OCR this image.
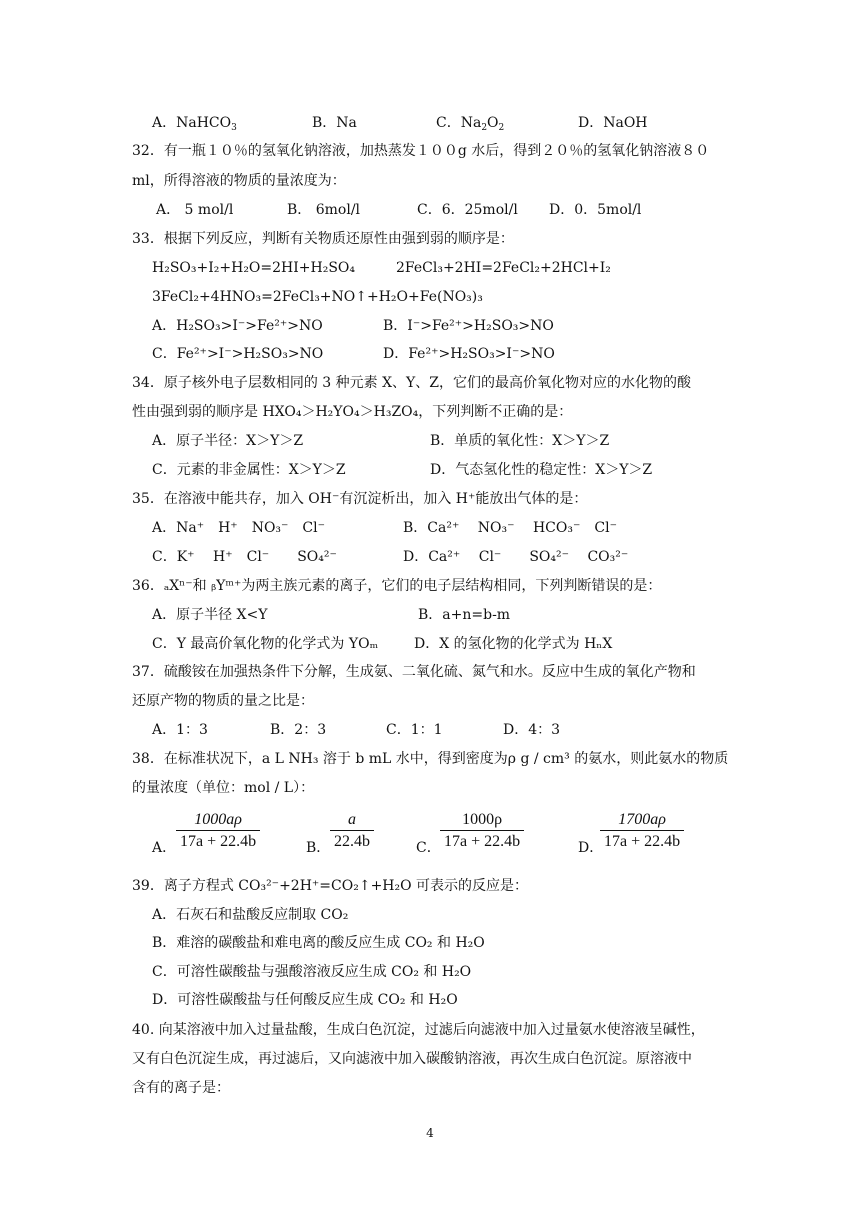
A．NaHCO$_3$	B．Na	C．$Na_2O_2$	D．NaOH
32．有一瓶１０％的氢氧化钠溶液，加热蒸发１００g 水后，得到２０％的氢氧化钠溶液８０
ml，所得溶液的物质的量浓度为：
A． 5 mol/l	B． 6mol/l	C．6．25mol/l D．0．5mol/l
33．根据下列反应，判断有关物质还原性由强到弱的顺序是：
H₂SO₃+I₂+H₂O=2HI+H₂SO₄	2FeCl₃+2HI=2FeCl₂+2HCl+I₂
3FeCl₂+4HNO₃=2FeCl₃+NO↑+H₂O+Fe(NO₃)₃
A．H₂SO₃>I⁻>Fe²⁺>NO	B．I⁻>Fe²⁺>H₂SO₃>NO
C．Fe²⁺>I⁻>H₂SO₃>NO	D．Fe²⁺>H₂SO₃>I⁻>NO
34．原子核外电子层数相同的 3 种元素 X、Y、Z，它们的最高价氧化物对应的水化物的酸
性由强到弱的顺序是 HXO₄＞H₂YO₄＞H₃ZO₄，下列判断不正确的是：
A．原子半径：X＞Y＞Z	B．单质的氧化性：X＞Y＞Z
C．元素的非金属性：X＞Y＞Z	D．气态氢化性的稳定性：X＞Y＞Z
35．在溶液中能共存，加入 OH⁻有沉淀析出，加入 H⁺能放出气体的是：
A．Na⁺　H⁺　NO₃⁻　Cl⁻	B．Ca²⁺　 NO₃⁻　 HCO₃⁻　Cl⁻
C．K⁺　 H⁺　Cl⁻　　SO₄²⁻	D．Ca²⁺　 Cl⁻　　SO₄²⁻　 CO₃²⁻
36．ₐXⁿ⁻和 ᵦYᵐ⁺为两主族元素的离子，它们的电子层结构相同，下列判断错误的是：
A．原子半径 X<Y	B．a+n=b-m
C．Y 最高价氧化物的化学式为 YOₘ	D．X 的氢化物的化学式为 HₙX
37．硫酸铵在加强热条件下分解，生成氨、二氧化硫、氮气和水。反应中生成的氧化产物和
还原产物的物质的量之比是：
A．1：3	B．2：3	C．1：1	D．4：3
38．在标准状况下，a L NH₃ 溶于 b mL 水中，得到密度为ρ g / cm³ 的氨水，则此氨水的物质
的量浓度（单位：mol / L）：
A． $\frac{1000a\rho}{17a + 22.4b}$	B． $\frac{a}{22.4b}$	C． $\frac{1000\rho}{17a + 22.4b}$	D．
$\frac{1700a\rho}{17a + 22.4b}$
39．离子方程式 CO₃²⁻+2H⁺=CO₂↑+H₂O 可表示的反应是：
A．石灰石和盐酸反应制取 CO₂
B．难溶的碳酸盐和难电离的酸反应生成 CO₂ 和 H₂O
C．可溶性碳酸盐与强酸溶液反应生成 CO₂ 和 H₂O
D．可溶性碳酸盐与任何酸反应生成 CO₂ 和 H₂O
40. 向某溶液中加入过量盐酸，生成白色沉淀，过滤后向滤液中加入过量氨水使溶液呈碱性，
又有白色沉淀生成，再过滤后，又向滤液中加入碳酸钠溶液，再次生成白色沉淀。原溶液中
含有的离子是：
4
